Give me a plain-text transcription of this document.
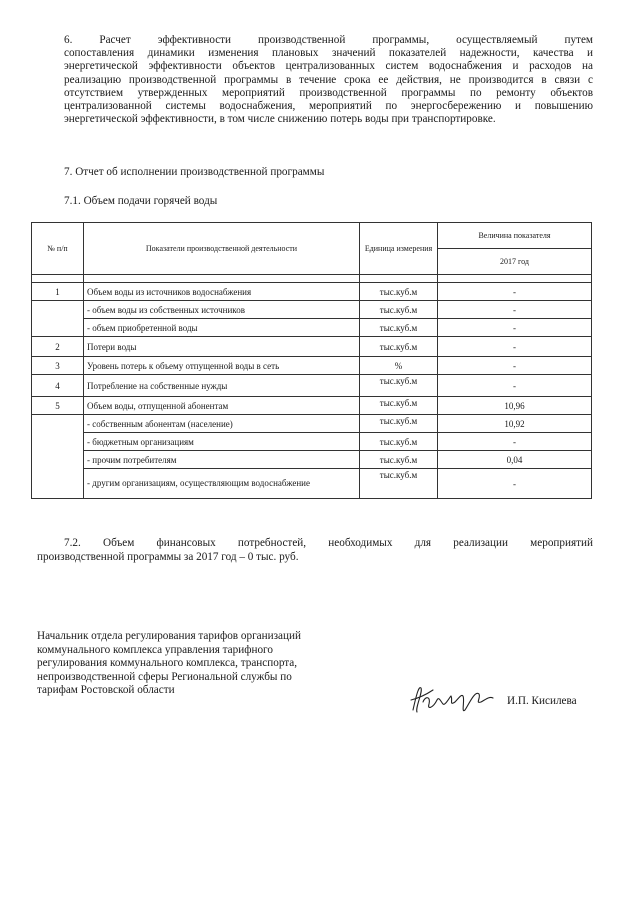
6. Расчет эффективности производственной программы, осуществляемый путем
сопоставления динамики изменения плановых значений показателей надежности, качества и
энергетической эффективности объектов централизованных систем водоснабжения и расходов на
реализацию производственной программы в течение срока ее действия, не производится в связи с
отсутствием утвержденных мероприятий производственной программы по ремонту объектов
централизованной системы водоснабжения, мероприятий по энергосбережению и повышению
энергетической эффективности, в том числе снижению потерь воды при транспортировке.
7. Отчет об исполнении производственной программы
7.1. Объем подачи горячей воды
№ п/п	Показатели производственной деятельности	Единица измерения	Величина показателя
			2017 год

1	Объем воды из источников водоснабжения	тыс.куб.м	-
	- объем воды из собственных источников	тыс.куб.м	-
	- объем приобретенной воды	тыс.куб.м	-
2	Потери воды	тыс.куб.м	-
3	Уровень потерь к объему отпущенной воды в сеть	%	-
4	Потребление на собственные нужды	тыс.куб.м	-
5	Объем воды, отпущенной абонентам	тыс.куб.м	10,96
	- собственным абонентам (население)	тыс.куб.м	10,92
	- бюджетным организациям	тыс.куб.м	-
	- прочим потребителям	тыс.куб.м	0,04
	- другим организациям, осуществляющим водоснабжение	тыс.куб.м	-
7.2. Объем финансовых потребностей, необходимых для реализации мероприятий
производственной программы за 2017 год – 0 тыс. руб.
Начальник отдела регулирования тарифов организаций
коммунального комплекса управления тарифного
регулирования коммунального комплекса, транспорта,
непроизводственной сферы Региональной службы по
тарифам Ростовской области
И.П. Кисилева
